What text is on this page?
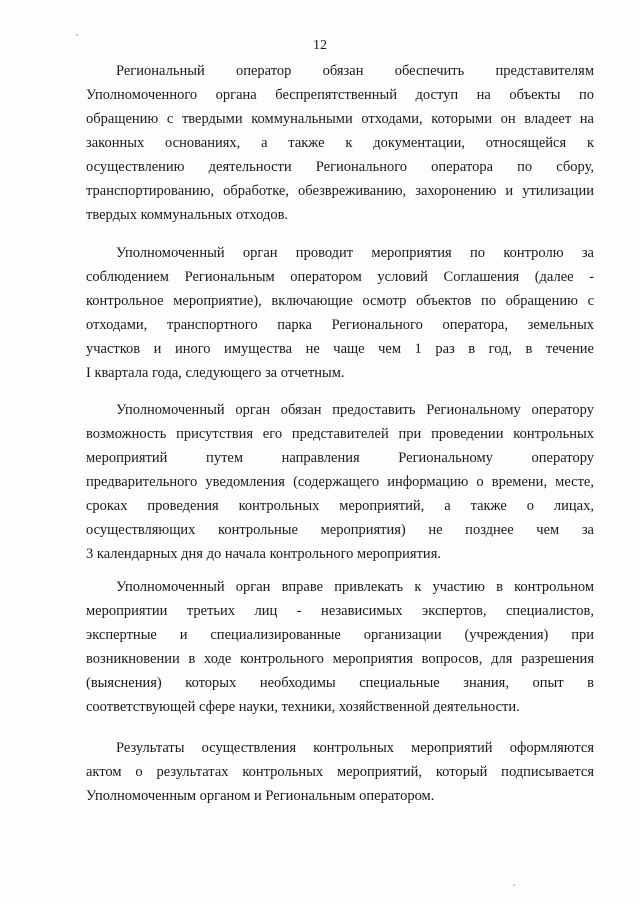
12
Региональный оператор обязан обеспечить представителям
Уполномоченного органа беспрепятственный доступ на объекты по
обращению с твердыми коммунальными отходами, которыми он владеет на
законных основаниях, а также к документации, относящейся к
осуществлению деятельности Регионального оператора по сбору,
транспортированию, обработке, обезвреживанию, захоронению и утилизации
твердых коммунальных отходов.
Уполномоченный орган проводит мероприятия по контролю за
соблюдением Региональным оператором условий Соглашения (далее -
контрольное мероприятие), включающие осмотр объектов по обращению с
отходами, транспортного парка Регионального оператора, земельных
участков и иного имущества не чаще чем 1 раз в год, в течение
I квартала года, следующего за отчетным.
Уполномоченный орган обязан предоставить Региональному оператору
возможность присутствия его представителей при проведении контрольных
мероприятий путем направления Региональному оператору
предварительного уведомления (содержащего информацию о времени, месте,
сроках проведения контрольных мероприятий, а также о лицах,
осуществляющих контрольные мероприятия) не позднее чем за
3 календарных дня до начала контрольного мероприятия.
Уполномоченный орган вправе привлекать к участию в контрольном
мероприятии третьих лиц - независимых экспертов, специалистов,
экспертные и специализированные организации (учреждения) при
возникновении в ходе контрольного мероприятия вопросов, для разрешения
(выяснения) которых необходимы специальные знания, опыт в
соответствующей сфере науки, техники, хозяйственной деятельности.
Результаты осуществления контрольных мероприятий оформляются
актом о результатах контрольных мероприятий, который подписывается
Уполномоченным органом и Региональным оператором.
